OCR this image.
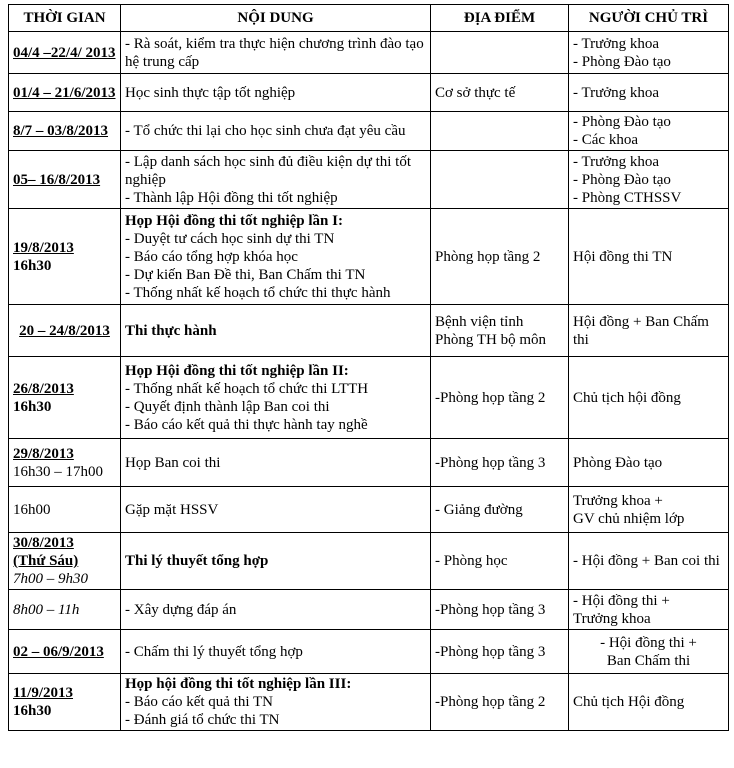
THỜI GIAN	NỘI DUNG	ĐỊA ĐIỂM	NGƯỜI CHỦ TRÌ

04/4 –22/4/ 2013	- Rà soát, kiểm tra thực hiện chương trình đào tạo hệ trung cấp		- Trưởng khoa
- Phòng Đào tạo

01/4 – 21/6/2013	Học sinh thực tập tốt nghiệp	Cơ sở thực tế	- Trưởng khoa

8/7 – 03/8/2013	- Tổ chức thi lại cho học sinh chưa đạt yêu cầu		- Phòng Đào tạo
- Các khoa

05– 16/8/2013	- Lập danh sách học sinh đủ điều kiện dự thi tốt nghiệp
- Thành lập Hội đồng thi tốt nghiệp		- Trưởng khoa
- Phòng Đào tạo
- Phòng CTHSSV

19/8/2013
16h30	Họp Hội đồng thi tốt nghiệp lần I:
- Duyệt tư cách học sinh dự thi TN
- Báo cáo tổng hợp khóa học
- Dự kiến Ban Đề thi, Ban Chấm thi TN
- Thống nhất kế hoạch tổ chức thi thực hành	Phòng họp tầng 2	Hội đồng thi TN

20 – 24/8/2013	Thi thực hành	Bệnh viện tỉnh
Phòng TH bộ môn	Hội đồng + Ban Chấm thi

26/8/2013
16h30	Họp Hội đồng thi tốt nghiệp lần II:
- Thống nhất kế hoạch tổ chức thi LTTH
- Quyết định thành lập Ban coi thi
- Báo cáo kết quả thi thực hành tay nghề	-Phòng họp tầng 2	Chủ tịch hội đồng

29/8/2013
16h30 – 17h00	Họp Ban coi thi	-Phòng họp tầng 3	Phòng Đào tạo

16h00	Gặp mặt HSSV	- Giảng đường	Trưởng khoa +
GV chủ nhiệm lớp

30/8/2013
(Thứ Sáu)
7h00 – 9h30	Thi lý thuyết tổng hợp	- Phòng học	- Hội đồng + Ban coi thi

8h00 – 11h	- Xây dựng đáp án	-Phòng họp tầng 3	- Hội đồng thi +
Trưởng khoa

02 – 06/9/2013	- Chấm thi lý thuyết tổng hợp	-Phòng họp tầng 3	- Hội đồng thi +
Ban Chấm thi

11/9/2013
16h30	Họp hội đồng thi tốt nghiệp lần III:
- Báo cáo kết quả thi TN
- Đánh giá tổ chức thi TN	-Phòng họp tầng 2	Chủ tịch Hội đồng
